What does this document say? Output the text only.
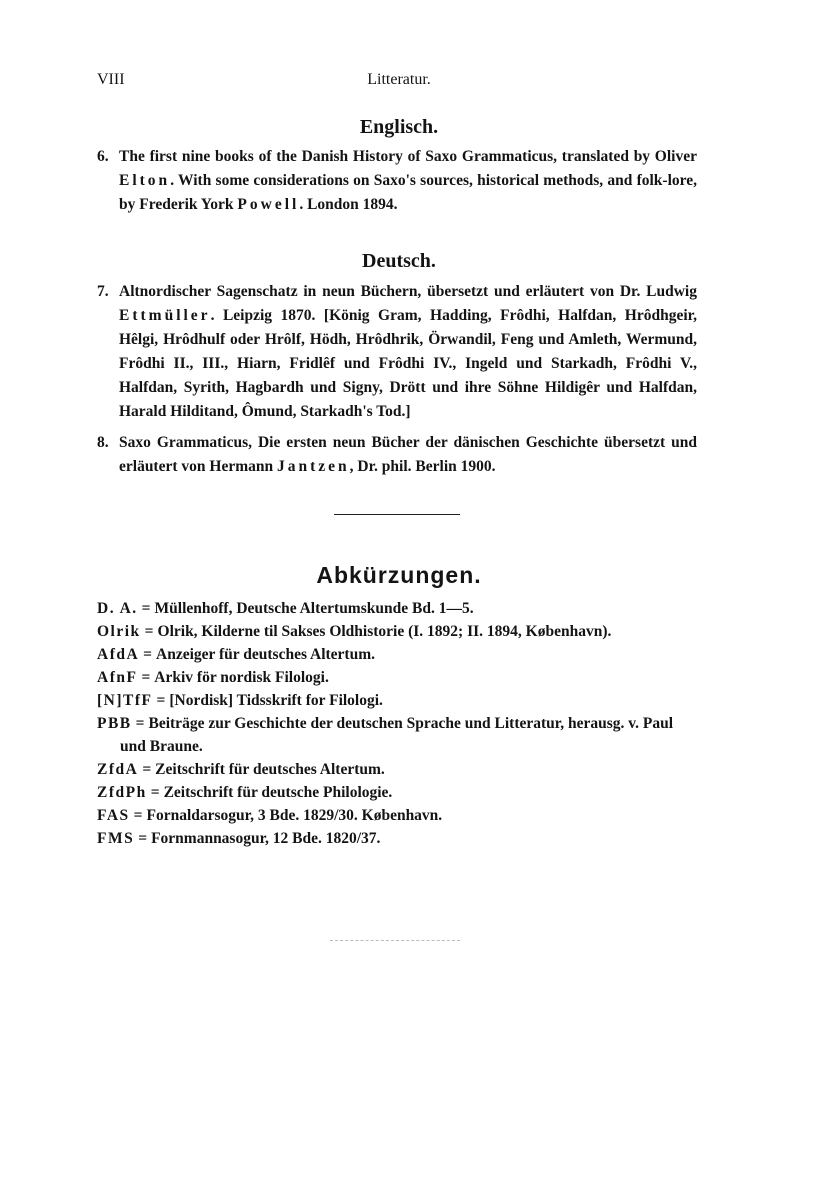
VIII	Litteratur.
Englisch.
6. The first nine books of the Danish History of Saxo Grammaticus, translated by Oliver Elton. With some considerations on Saxo's sources, historical methods, and folk-lore, by Frederik York Powell. London 1894.
Deutsch.
7. Altnordischer Sagenschatz in neun Büchern, übersetzt und erläutert von Dr. Ludwig Ettmüller. Leipzig 1870. [König Gram, Hadding, Frôdhi, Halfdan, Hrôdhgeir, Hêlgi, Hrôdhulf oder Hrôlf, Hödh, Hrôdhrik, Örwandil, Feng und Amleth, Wermund, Frôdhi II., III., Hiarn, Fridlêf und Frôdhi IV., Ingeld und Starkadh, Frôdhi V., Halfdan, Syrith, Hagbardh und Signy, Drött und ihre Söhne Hildigêr und Halfdan, Harald Hilditand, Ômund, Starkadh's Tod.]
8. Saxo Grammaticus, Die ersten neun Bücher der dänischen Geschichte übersetzt und erläutert von Hermann Jantzen, Dr. phil. Berlin 1900.
Abkürzungen.
D. A. = Müllenhoff, Deutsche Altertumskunde Bd. 1—5.
Olrik = Olrik, Kilderne til Sakses Oldhistorie (I. 1892; II. 1894, København).
AfdA = Anzeiger für deutsches Altertum.
AfnF = Arkiv för nordisk Filologi.
[N]TfF = [Nordisk] Tidsskrift for Filologi.
PBB = Beiträge zur Geschichte der deutschen Sprache und Litteratur, herausg. v. Paul und Braune.
ZfdA = Zeitschrift für deutsches Altertum.
ZfdPh = Zeitschrift für deutsche Philologie.
FAS = Fornaldarsogur, 3 Bde. 1829/30. København.
FMS = Fornmannasogur, 12 Bde. 1820/37.
